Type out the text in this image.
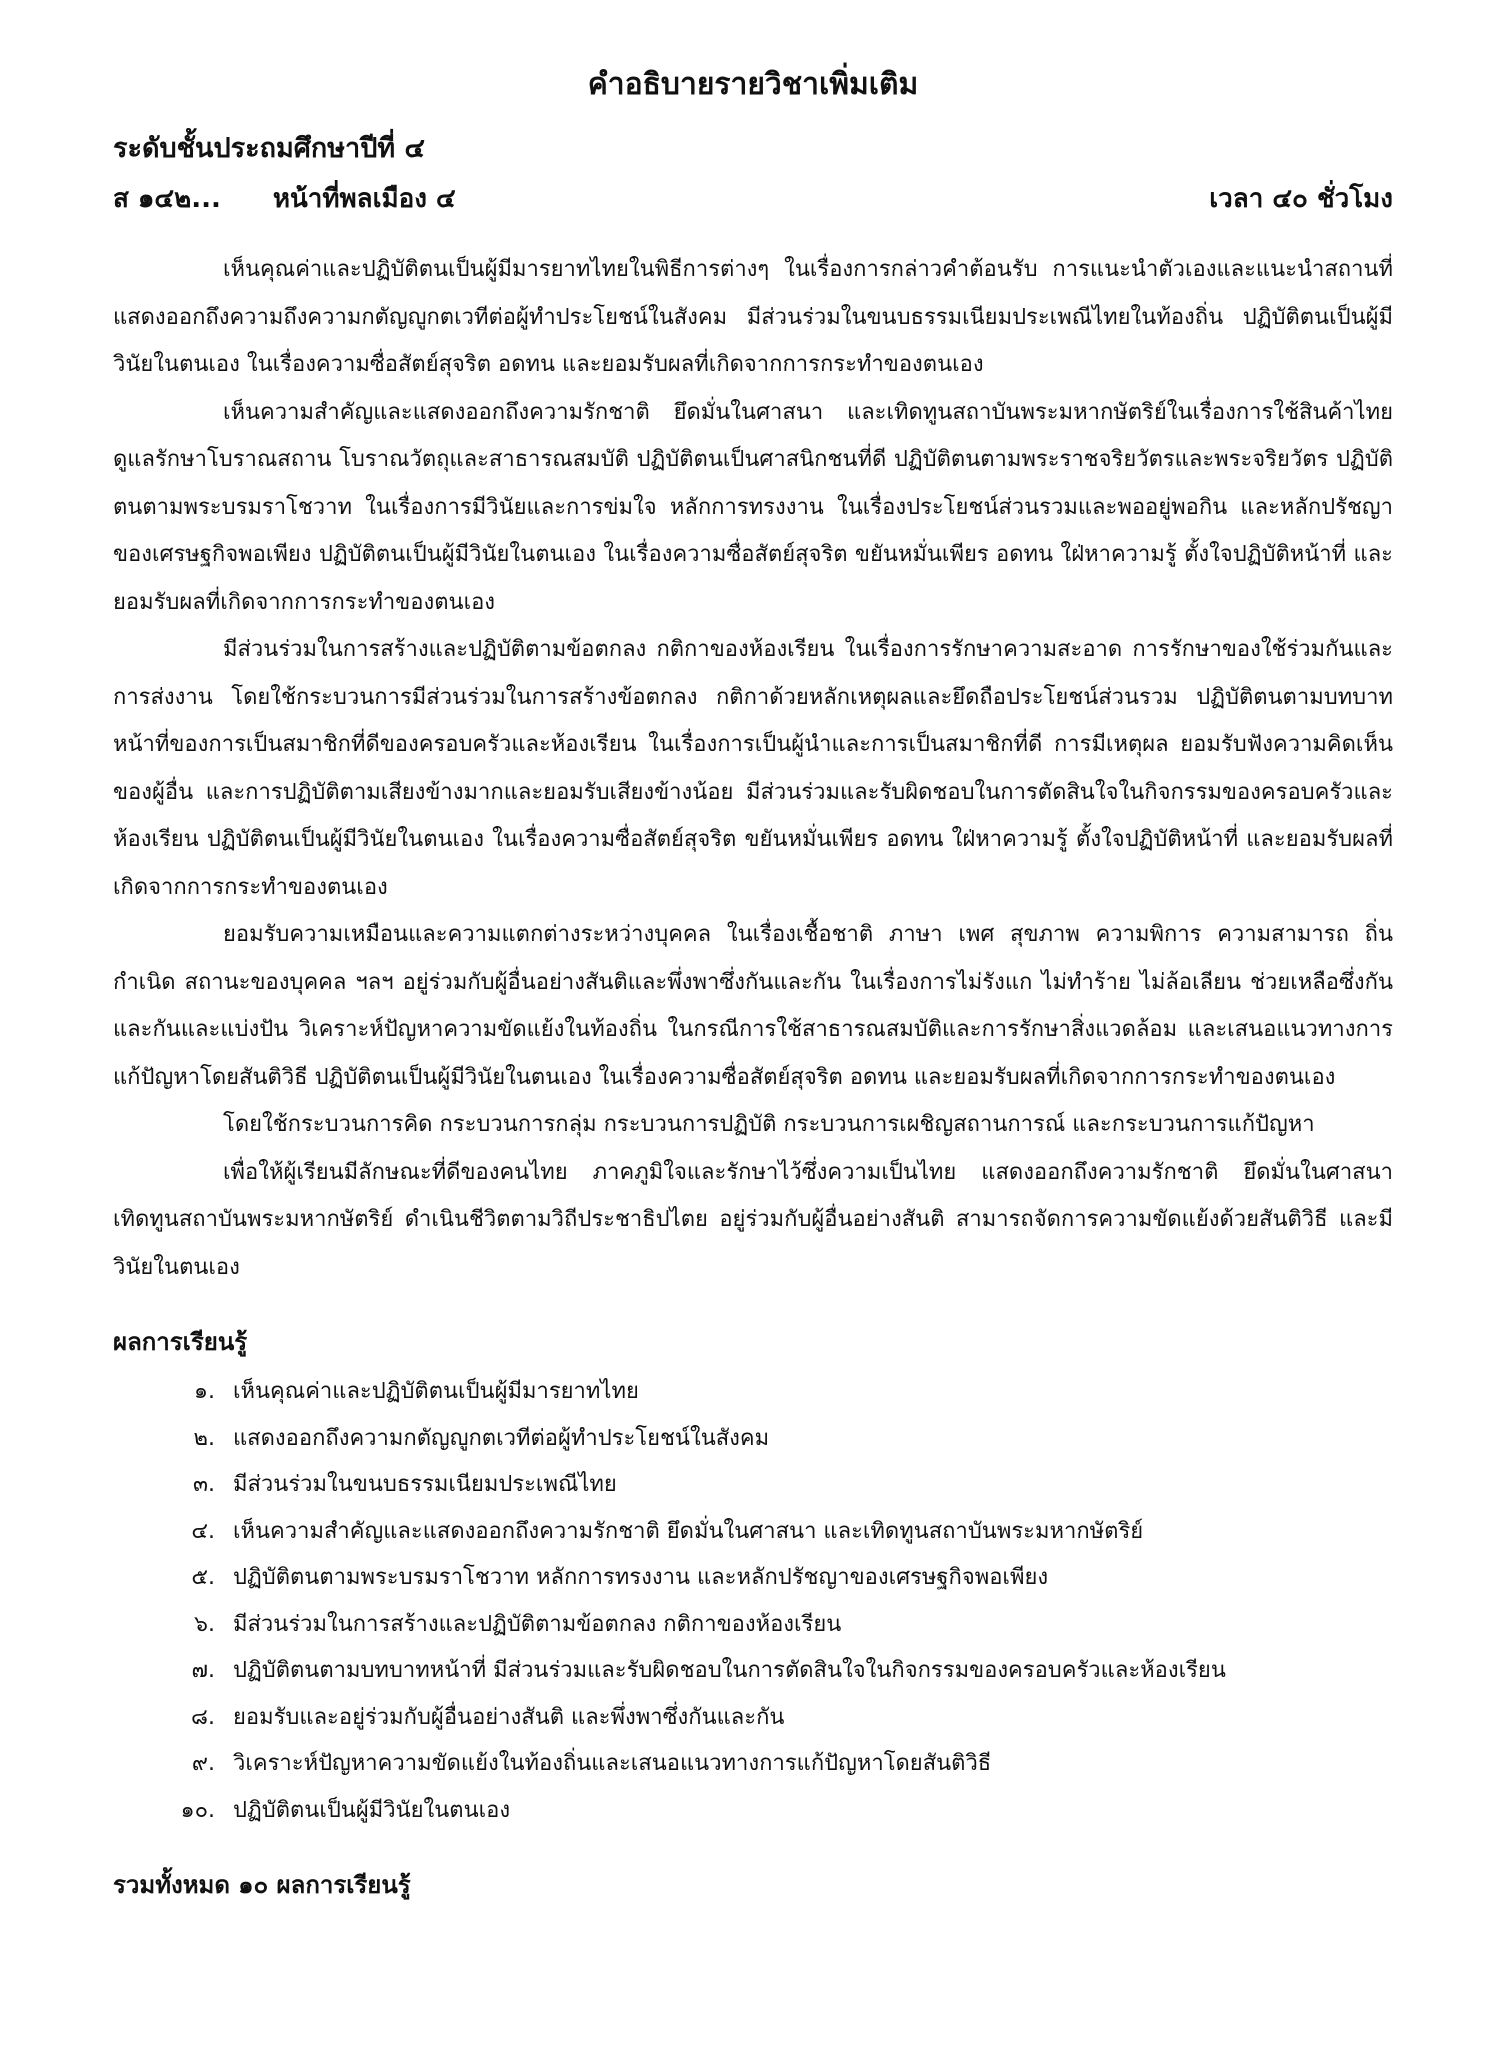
คำอธิบายรายวิชาเพิ่มเติม
ระดับชั้นประถมศึกษาปีที่ ๔
ส ๑๔๒... หน้าที่พลเมือง ๔	เวลา ๔๐ ชั่วโมง

เห็นคุณค่าและปฏิบัติตนเป็นผู้มีมารยาทไทยในพิธีการต่างๆ ในเรื่องการกล่าวคำต้อนรับ การแนะนำตัวเองและแนะนำสถานที่ แสดงออกถึงความถึงความกตัญญูกตเวทีต่อผู้ทำประโยชน์ในสังคม มีส่วนร่วมในขนบธรรมเนียมประเพณีไทยในท้องถิ่น ปฏิบัติตนเป็นผู้มีวินัยในตนเอง ในเรื่องความซื่อสัตย์สุจริต อดทน และยอมรับผลที่เกิดจากการกระทำของตนเอง

เห็นความสำคัญและแสดงออกถึงความรักชาติ ยึดมั่นในศาสนา และเทิดทูนสถาบันพระมหากษัตริย์ในเรื่องการใช้สินค้าไทย ดูแลรักษาโบราณสถาน โบราณวัตถุและสาธารณสมบัติ ปฏิบัติตนเป็นศาสนิกชนที่ดี ปฏิบัติตนตามพระราชจริยวัตรและพระจริยวัตร ปฏิบัติตนตามพระบรมราโชวาท ในเรื่องการมีวินัยและการข่มใจ หลักการทรงงาน ในเรื่องประโยชน์ส่วนรวมและพออยู่พอกิน และหลักปรัชญาของเศรษฐกิจพอเพียง ปฏิบัติตนเป็นผู้มีวินัยในตนเอง ในเรื่องความซื่อสัตย์สุจริต ขยันหมั่นเพียร อดทน ใฝ่หาความรู้ ตั้งใจปฏิบัติหน้าที่ และยอมรับผลที่เกิดจากการกระทำของตนเอง

มีส่วนร่วมในการสร้างและปฏิบัติตามข้อตกลง กติกาของห้องเรียน ในเรื่องการรักษาความสะอาด การรักษาของใช้ร่วมกันและการส่งงาน โดยใช้กระบวนการมีส่วนร่วมในการสร้างข้อตกลง กติกาด้วยหลักเหตุผลและยึดถือประโยชน์ส่วนรวม ปฏิบัติตนตามบทบาทหน้าที่ของการเป็นสมาชิกที่ดีของครอบครัวและห้องเรียน ในเรื่องการเป็นผู้นำและการเป็นสมาชิกที่ดี การมีเหตุผล ยอมรับฟังความคิดเห็นของผู้อื่น และการปฏิบัติตามเสียงข้างมากและยอมรับเสียงข้างน้อย มีส่วนร่วมและรับผิดชอบในการตัดสินใจในกิจกรรมของครอบครัวและห้องเรียน ปฏิบัติตนเป็นผู้มีวินัยในตนเอง ในเรื่องความซื่อสัตย์สุจริต ขยันหมั่นเพียร อดทน ใฝ่หาความรู้ ตั้งใจปฏิบัติหน้าที่ และยอมรับผลที่เกิดจากการกระทำของตนเอง

ยอมรับความเหมือนและความแตกต่างระหว่างบุคคล ในเรื่องเชื้อชาติ ภาษา เพศ สุขภาพ ความพิการ ความสามารถ ถิ่นกำเนิด สถานะของบุคคล ฯลฯ อยู่ร่วมกับผู้อื่นอย่างสันติและพึ่งพาซึ่งกันและกัน ในเรื่องการไม่รังแก ไม่ทำร้าย ไม่ล้อเลียน ช่วยเหลือซึ่งกันและกันและแบ่งปัน วิเคราะห์ปัญหาความขัดแย้งในท้องถิ่น ในกรณีการใช้สาธารณสมบัติและการรักษาสิ่งแวดล้อม และเสนอแนวทางการแก้ปัญหาโดยสันติวิธี ปฏิบัติตนเป็นผู้มีวินัยในตนเอง ในเรื่องความซื่อสัตย์สุจริต อดทน และยอมรับผลที่เกิดจากการกระทำของตนเอง

โดยใช้กระบวนการคิด กระบวนการกลุ่ม กระบวนการปฏิบัติ กระบวนการเผชิญสถานการณ์ และกระบวนการแก้ปัญหา

เพื่อให้ผู้เรียนมีลักษณะที่ดีของคนไทย ภาคภูมิใจและรักษาไว้ซึ่งความเป็นไทย แสดงออกถึงความรักชาติ ยึดมั่นในศาสนา เทิดทูนสถาบันพระมหากษัตริย์ ดำเนินชีวิตตามวิถีประชาธิปไตย อยู่ร่วมกับผู้อื่นอย่างสันติ สามารถจัดการความขัดแย้งด้วยสันติวิธี และมีวินัยในตนเอง

ผลการเรียนรู้
๑. เห็นคุณค่าและปฏิบัติตนเป็นผู้มีมารยาทไทย
๒. แสดงออกถึงความกตัญญูกตเวทีต่อผู้ทำประโยชน์ในสังคม
๓. มีส่วนร่วมในขนบธรรมเนียมประเพณีไทย
๔. เห็นความสำคัญและแสดงออกถึงความรักชาติ ยึดมั่นในศาสนา และเทิดทูนสถาบันพระมหากษัตริย์
๕. ปฏิบัติตนตามพระบรมราโชวาท หลักการทรงงาน และหลักปรัชญาของเศรษฐกิจพอเพียง
๖. มีส่วนร่วมในการสร้างและปฏิบัติตามข้อตกลง กติกาของห้องเรียน
๗. ปฏิบัติตนตามบทบาทหน้าที่ มีส่วนร่วมและรับผิดชอบในการตัดสินใจในกิจกรรมของครอบครัวและห้องเรียน
๘. ยอมรับและอยู่ร่วมกับผู้อื่นอย่างสันติ และพึ่งพาซึ่งกันและกัน
๙. วิเคราะห์ปัญหาความขัดแย้งในท้องถิ่นและเสนอแนวทางการแก้ปัญหาโดยสันติวิธี
๑๐. ปฏิบัติตนเป็นผู้มีวินัยในตนเอง
รวมทั้งหมด ๑๐ ผลการเรียนรู้
